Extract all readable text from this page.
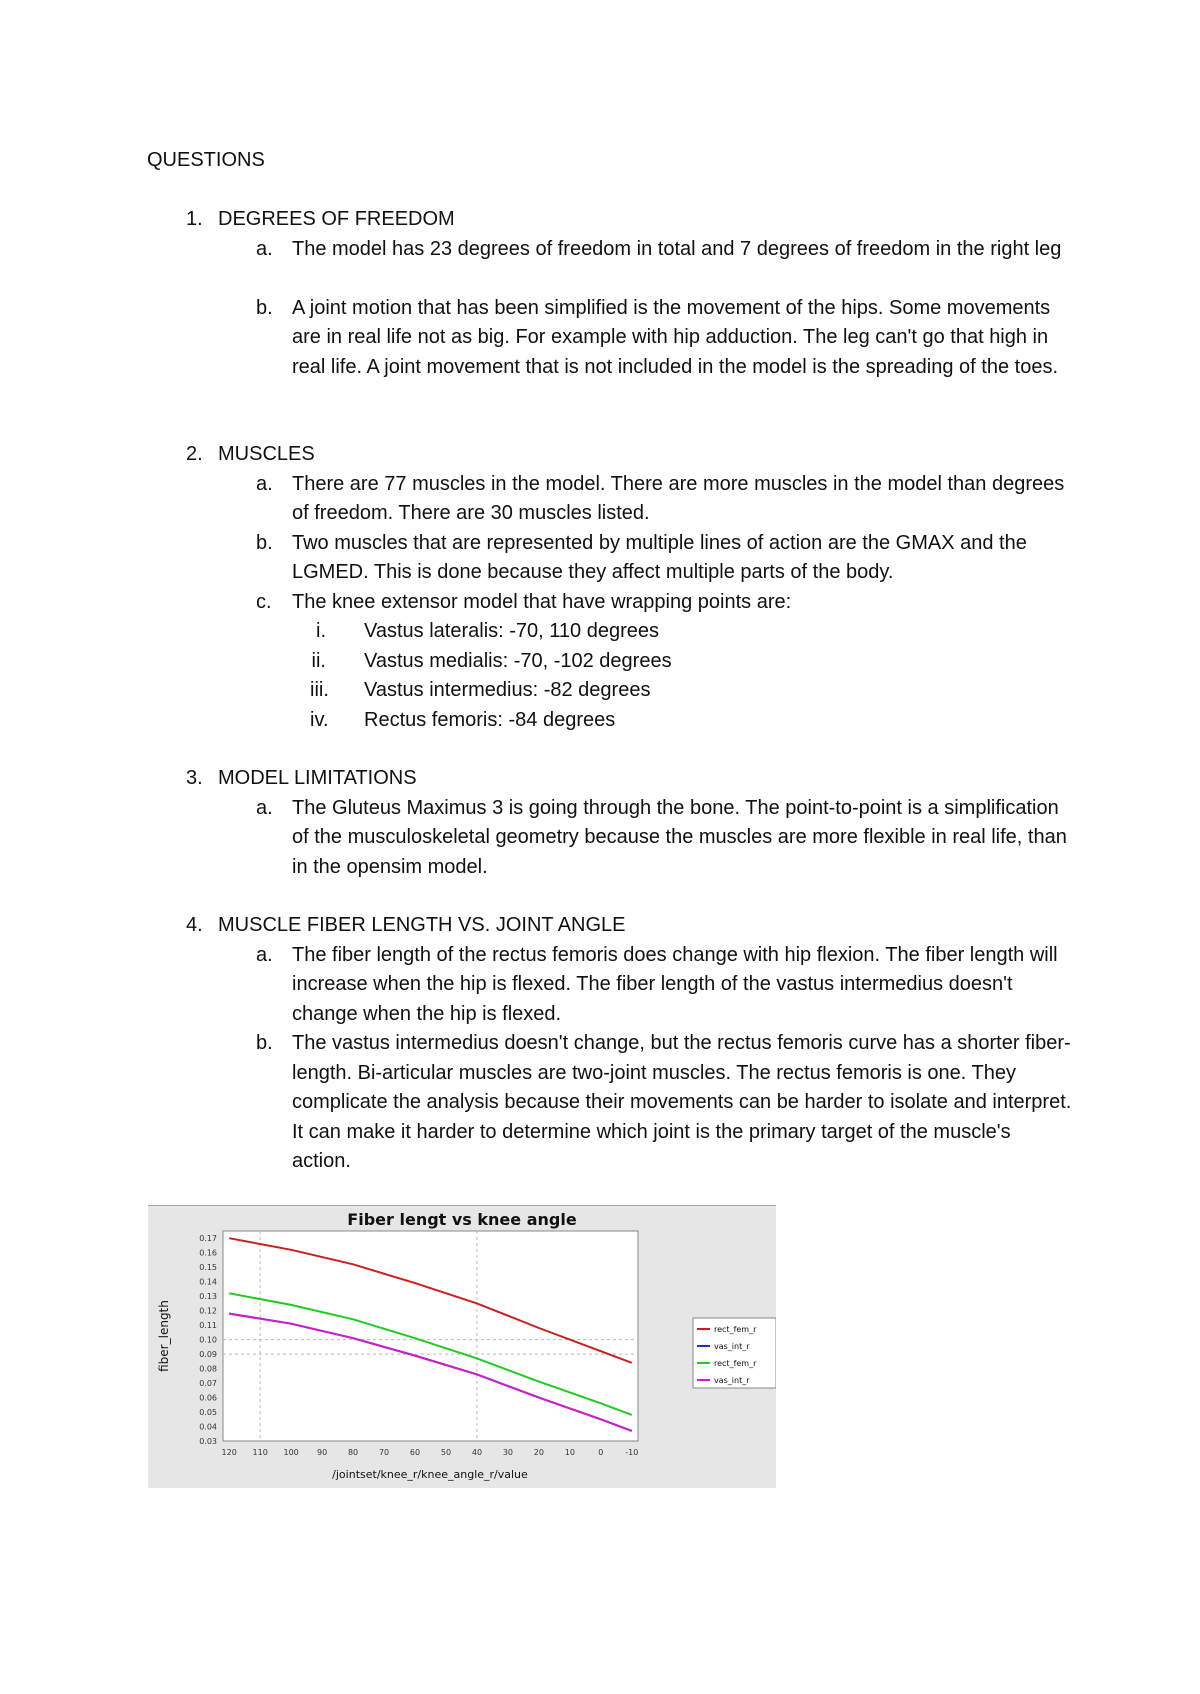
QUESTIONS
1. DEGREES OF FREEDOM
a. The model has 23 degrees of freedom in total and 7 degrees of freedom in the right leg
b. A joint motion that has been simplified is the movement of the hips. Some movements are in real life not as big. For example with hip adduction. The leg can't go that high in real life. A joint movement that is not included in the model is the spreading of the toes.
2. MUSCLES
a. There are 77 muscles in the model. There are more muscles in the model than degrees of freedom. There are 30 muscles listed.
b. Two muscles that are represented by multiple lines of action are the GMAX and the LGMED. This is done because they affect multiple parts of the body.
c. The knee extensor model that have wrapping points are:
i. Vastus lateralis: -70, 110 degrees
ii. Vastus medialis: -70, -102 degrees
iii. Vastus intermedius: -82 degrees
iv. Rectus femoris: -84 degrees
3. MODEL LIMITATIONS
a. The Gluteus Maximus 3 is going through the bone. The point-to-point is a simplification of the musculoskeletal geometry because the muscles are more flexible in real life, than in the opensim model.
4. MUSCLE FIBER LENGTH VS. JOINT ANGLE
a. The fiber length of the rectus femoris does change with hip flexion. The fiber length will increase when the hip is flexed. The fiber length of the vastus intermedius doesn't change when the hip is flexed.
b. The vastus intermedius doesn't change, but the rectus femoris curve has a shorter fiber-length. Bi-articular muscles are two-joint muscles. The rectus femoris is one. They complicate the analysis because their movements can be harder to isolate and interpret. It can make it harder to determine which joint is the primary target of the muscle's action.
Fiber lengt vs knee angle
0.17
0.16
0.15
0.14
0.13
0.12
0.11
0.10
0.09
0.08
0.07
0.06
0.05
0.04
0.03
120 110 100 90	80	70	60	50	40	30	20	10	0	-10
fiber_length
/jointset/knee_r/knee_angle_r/value
rect_fem_r
vas_int_r
rect_fem_r
vas_int_r
